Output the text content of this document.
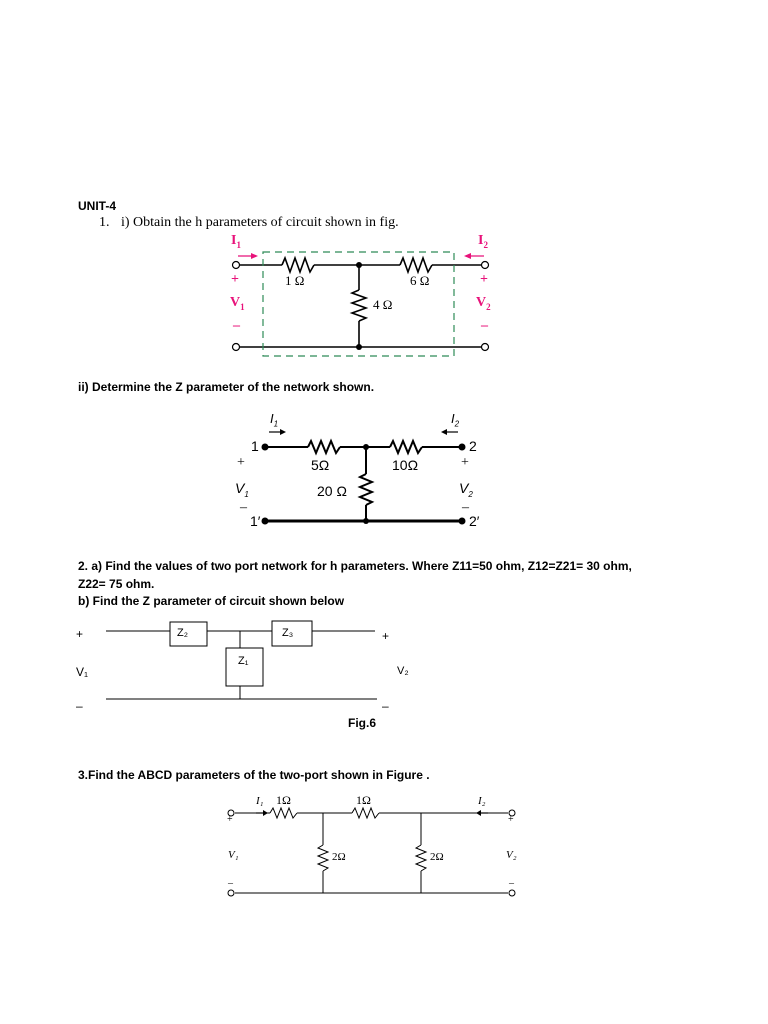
UNIT-4
1. i) Obtain the h parameters of circuit shown in fig.
$I_1$	$I_2$
+	+
$V_1$	$V_2$
–	–
1 Ω	6 Ω
4 Ω
ii) Determine the Z parameter of the network shown.
$I_1$	$I_2$
1	2
+	+
$V_1$	$V_2$
–	–
1′	2′
5Ω	10Ω
20 Ω
2. a) Find the values of two port network for h parameters. Where Z11=50 ohm, Z12=Z21= 30 ohm,
Z22= 75 ohm.
b) Find the Z parameter of circuit shown below
+	+
V₁	V₂
–	–
Z₂	Z₃
Z₁
Fig.6
3.Find the ABCD parameters of the two-port shown in Figure .
I₁ 1Ω	1Ω	I₂
+	+
V₁	V₂
2Ω	2Ω
–	–
